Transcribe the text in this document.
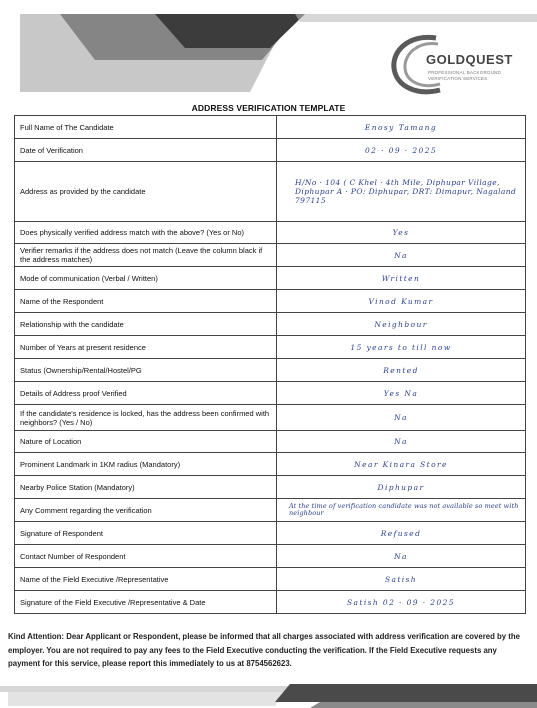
GOLDQUEST
PROFESSIONAL BACKGROUND VERIFICATION SERVICES
ADDRESS VERIFICATION TEMPLATE
Full Name of The Candidate	Enosy Tamang
Date of Verification	02 · 09 · 2025
Address as provided by the candidate	H/No · 104 ( C Khel · 4th Mile, Diphupar Village, Diphupar A · PO: Diphupar, DRT: Dimapur, Nagaland 797115
Does physically verified address match with the above? (Yes or No)	Yes
Verifier remarks if the address does not match (Leave the column black if the address matches)	Na
Mode of communication (Verbal / Written)	Written
Name of the Respondent	Vinod Kumar
Relationship with the candidate	Neighbour
Number of Years at present residence	15 years to till now
Status (Ownership/Rental/Hostel/PG	Rented
Details of Address proof Verified	Yes Na
If the candidate's residence is locked, has the address been confirmed with neighbors? (Yes / No)	Na
Nature of Location	Na
Prominent Landmark in 1KM radius (Mandatory)	Near Kinara Store
Nearby Police Station (Mandatory)	Diphupar
Any Comment regarding the verification	At the time of verification candidate was not available so meet with neighbour
Signature of Respondent	Refused
Contact Number of Respondent	Na
Name of the Field Executive /Representative	Satish
Signature of the Field Executive /Representative & Date	Satish 02 · 09 · 2025
Kind Attention: Dear Applicant or Respondent, please be informed that all charges associated with address verification are covered by the employer. You are not required to pay any fees to the Field Executive conducting the verification. If the Field Executive requests any payment for this service, please report this immediately to us at 8754562623.
